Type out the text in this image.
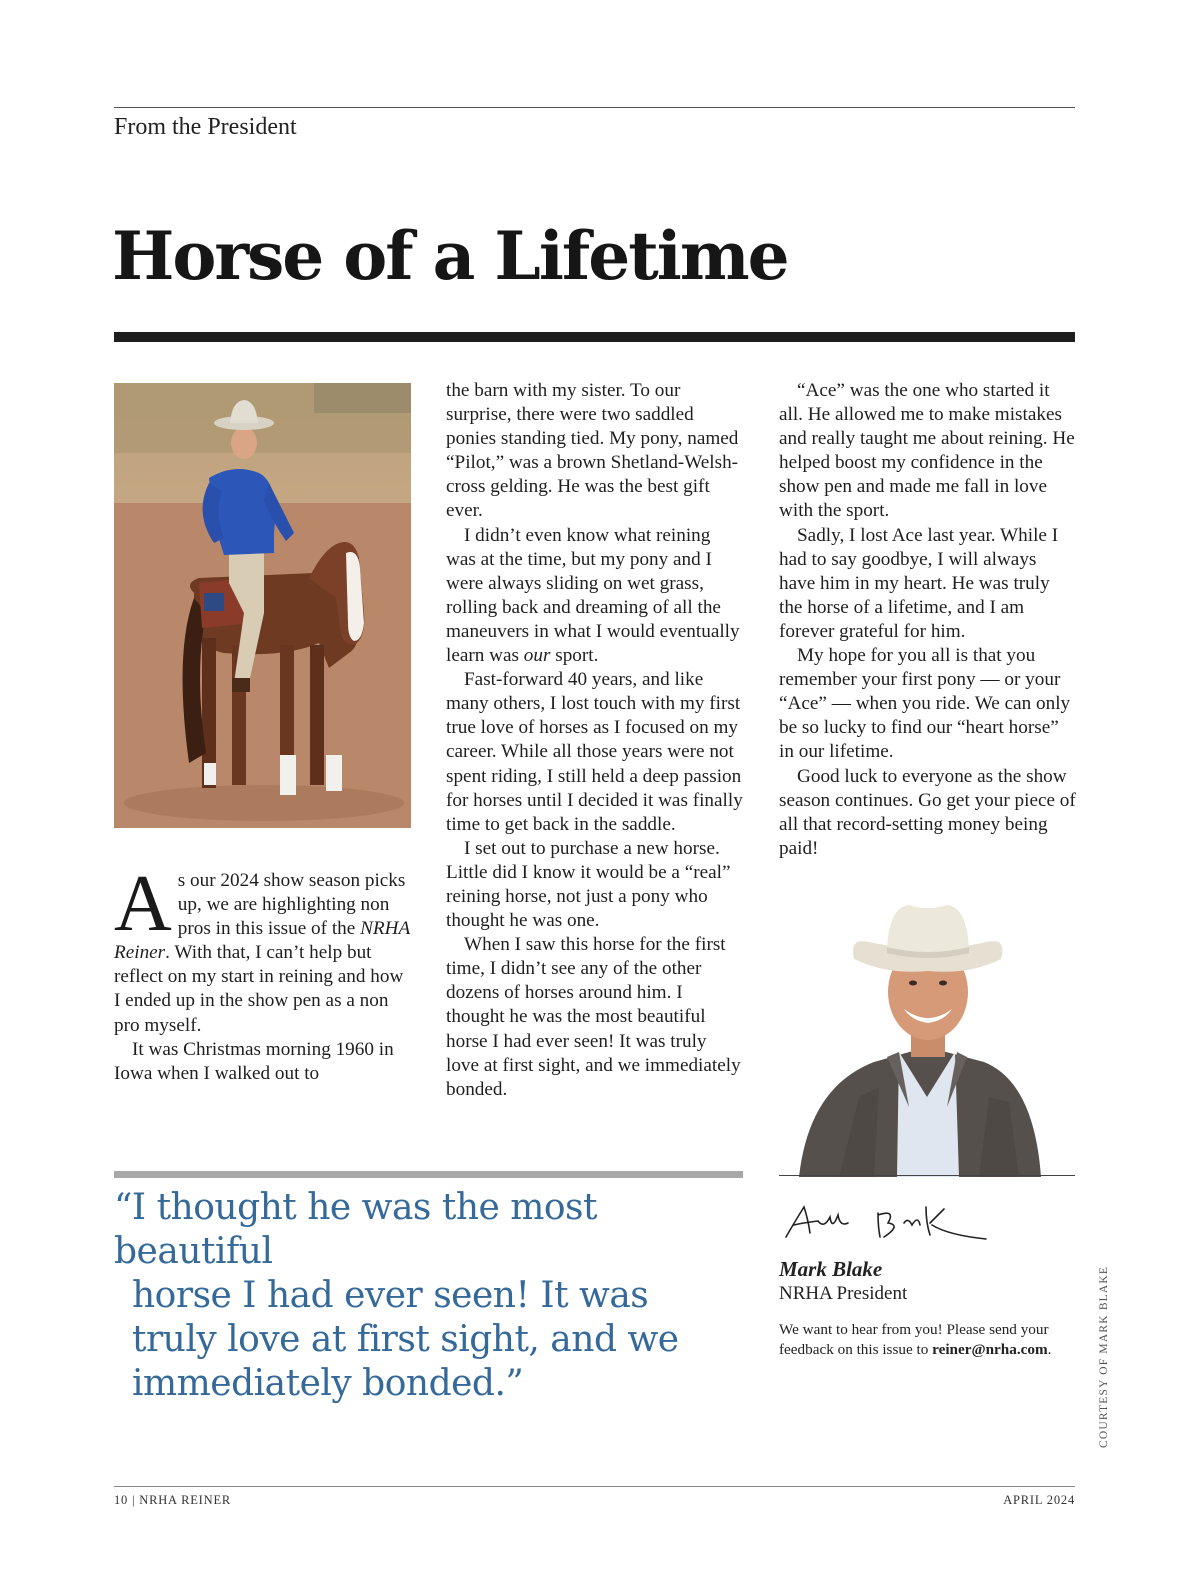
From the President
Horse of a Lifetime

As our 2024 show season picks up, we are highlighting non pros in this issue of the NRHA Reiner. With that, I can’t help but reflect on my start in reining and how I ended up in the show pen as a non pro myself.

It was Christmas morning 1960 in Iowa when I walked out to

the barn with my sister. To our surprise, there were two saddled ponies standing tied. My pony, named “Pilot,” was a brown Shetland-Welsh-cross gelding. He was the best gift ever.

I didn’t even know what reining was at the time, but my pony and I were always sliding on wet grass, rolling back and dreaming of all the maneuvers in what I would eventually learn was our sport.

Fast-forward 40 years, and like many others, I lost touch with my first true love of horses as I focused on my career. While all those years were not spent riding, I still held a deep passion for horses until I decided it was finally time to get back in the saddle.

I set out to purchase a new horse. Little did I know it would be a “real” reining horse, not just a pony who thought he was one.

When I saw this horse for the first time, I didn’t see any of the other dozens of horses around him. I thought he was the most beautiful horse I had ever seen! It was truly love at first sight, and we immediately bonded.

“Ace” was the one who started it all. He allowed me to make mistakes and really taught me about reining. He helped boost my confidence in the show pen and made me fall in love with the sport.

Sadly, I lost Ace last year. While I had to say goodbye, I will always have him in my heart. He was truly the horse of a lifetime, and I am forever grateful for him.

My hope for you all is that you remember your first pony — or your “Ace” — when you ride. We can only be so lucky to find our “heart horse” in our lifetime.

Good luck to everyone as the show season continues. Go get your piece of all that record-setting money being paid!

“I thought he was the most beautiful
horse I had ever seen! It was
truly love at first sight, and we
immediately bonded.”
Mark Blake
NRHA President
We want to hear from you! Please send your feedback on this issue to reiner@nrha.com.	COURTESY OF MARK BLAKE
10 | NRHA REINER	APRIL 2024
